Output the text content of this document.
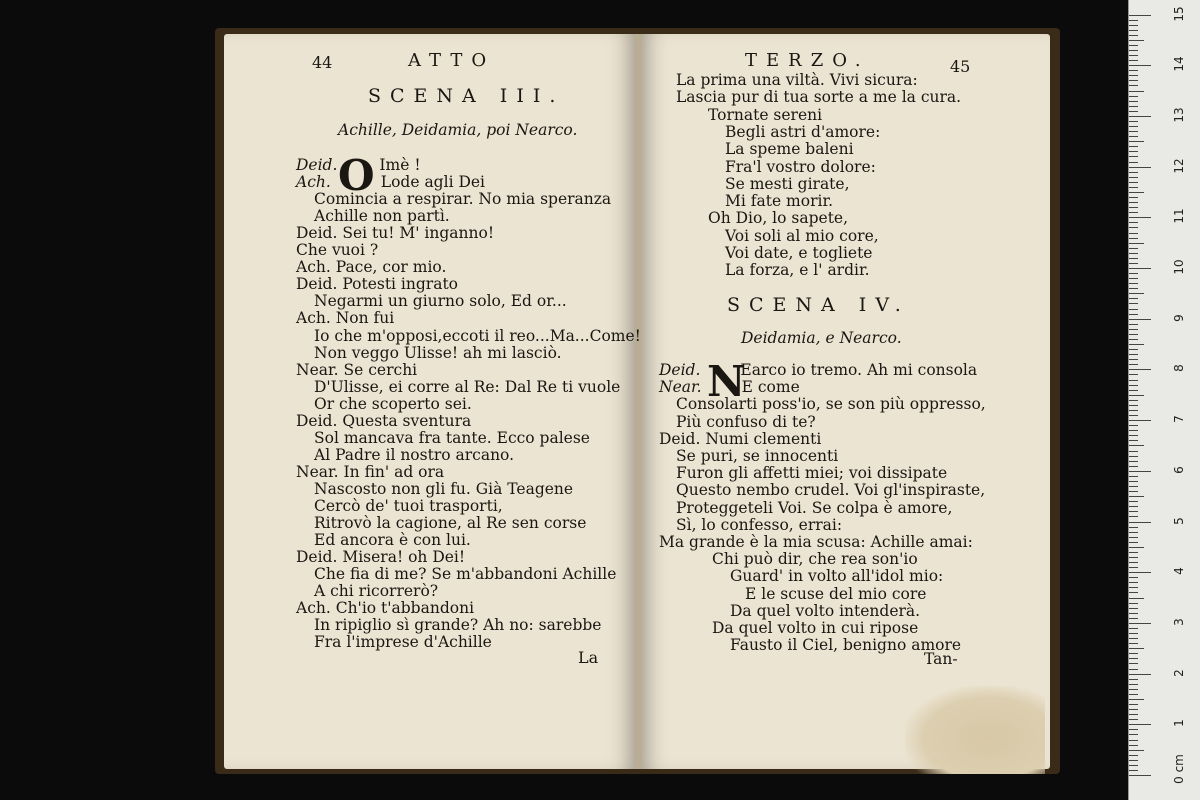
44	ATTO
SCENA III.
Achille, Deidamia, poi Nearco.
O
Deid.	Imè !
Ach.	Lode agli Dei
Comincia a respirar. No mia speranza
Achille non partì.
Deid. Sei tu! M' inganno!
Che vuoi ?
Ach. Pace, cor mio.
Deid. Potesti ingrato
Negarmi un giurno solo, Ed or...
Ach. Non fui
Io che m'opposi,eccoti il reo...Ma...Come!
Non veggo Ulisse! ah mi lasciò.
Near. Se cerchi
D'Ulisse, ei corre al Re: Dal Re ti vuole
Or che scoperto sei.
Deid. Questa sventura
Sol mancava fra tante. Ecco palese
Al Padre il nostro arcano.
Near. In fin' ad ora
Nascosto non gli fu. Già Teagene
Cercò de' tuoi trasporti,
Ritrovò la cagione, al Re sen corse
Ed ancora è con lui.
Deid. Misera! oh Dei!
Che fia di me? Se m'abbandoni Achille
A chi ricorrerò?
Ach. Ch'io t'abbandoni
In ripiglio sì grande? Ah no: sarebbe
Fra l'imprese d'Achille
La
TERZO.	45
La prima una viltà. Vivi sicura:
Lascia pur di tua sorte a me la cura.
Tornate sereni
Begli astri d'amore:
La speme baleni
Fra'l vostro dolore:
Se mesti girate,
Mi fate morir.
Oh Dio, lo sapete,
Voi soli al mio core,
Voi date, e togliete
La forza, e l' ardir.
SCENA IV.
Deidamia, e Nearco.
N
Deid.	Earco io tremo. Ah mi consola
Near.	E come
Consolarti poss'io, se son più oppresso,
Più confuso di te?
Deid. Numi clementi
Se puri, se innocenti
Furon gli affetti miei; voi dissipate
Questo nembo crudel. Voi gl'inspiraste,
Proteggeteli Voi. Se colpa è amore,
Sì, lo confesso, errai:
Ma grande è la mia scusa: Achille amai:
Chi può dir, che rea son'io
Guard' in volto all'idol mio:
E le scuse del mio core
Da quel volto intenderà.
Da quel volto in cui ripose
Fausto il Ciel, benigno amore
Tan-
15
14
13
12
11
10
9
8
7
6
5
4
3
2
1
0 cm
